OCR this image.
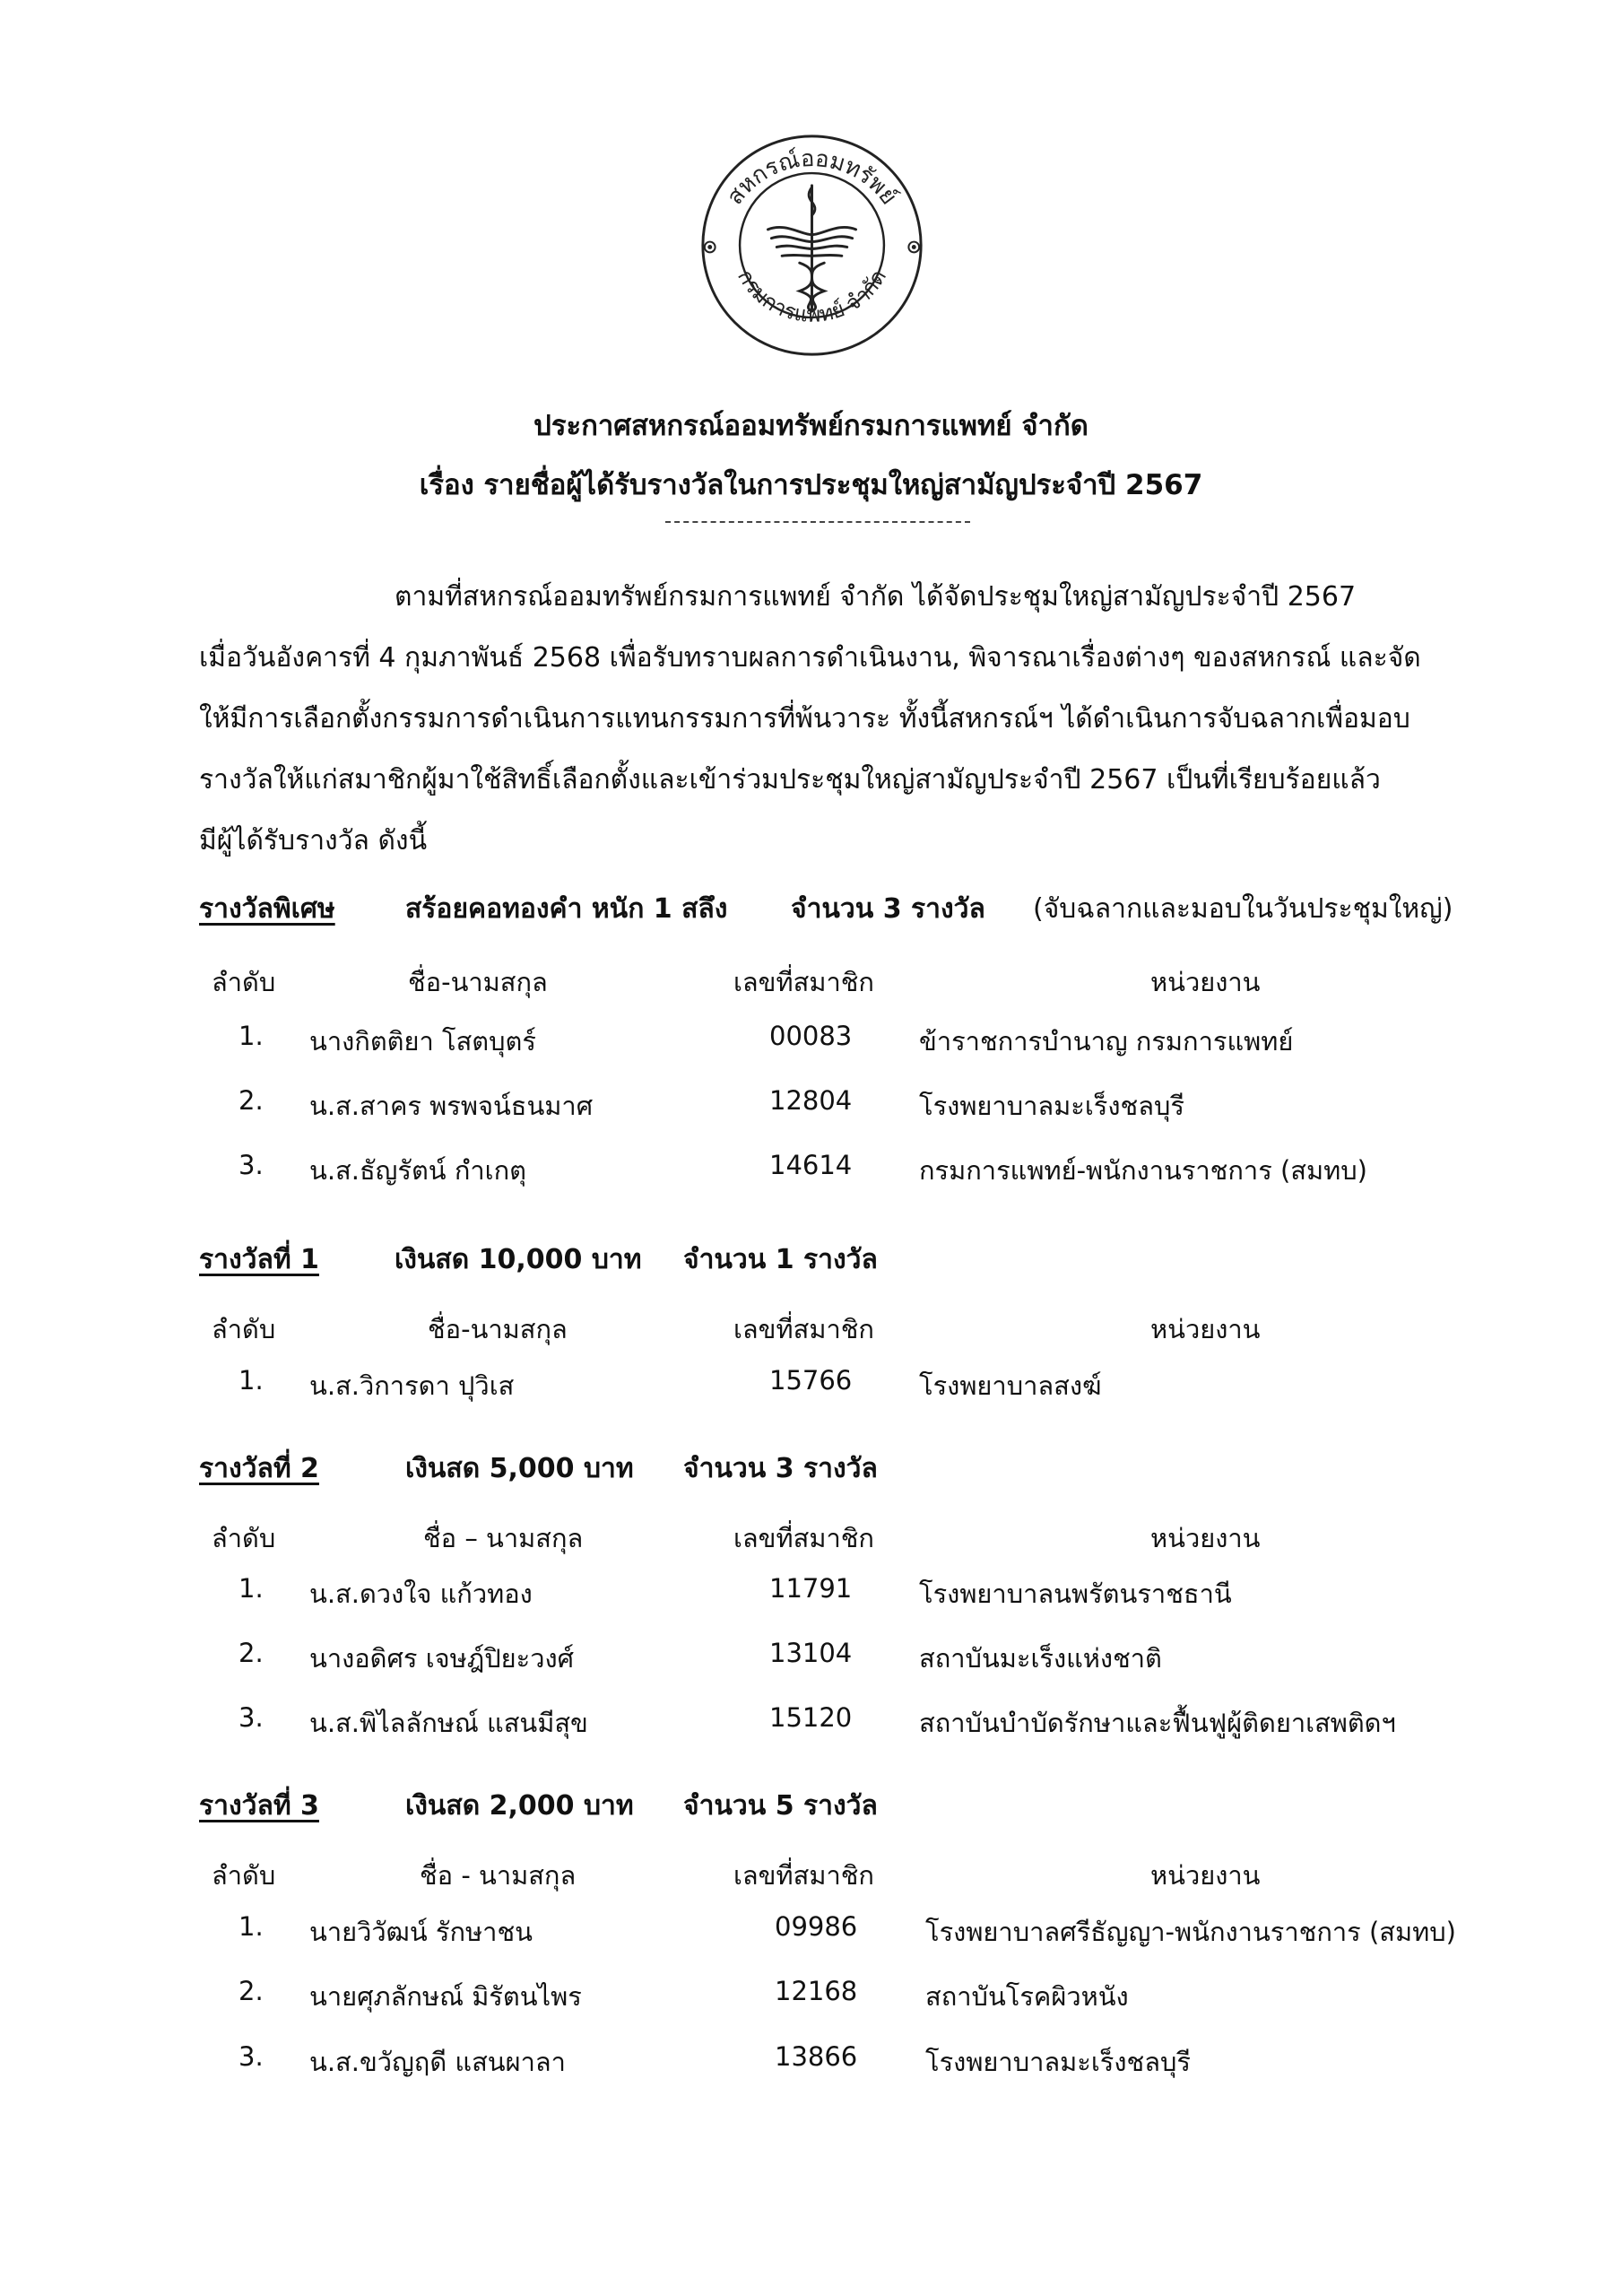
สหกรณ์ออมทรัพย์
กรมการแพทย์ จำกัด
ประกาศสหกรณ์ออมทรัพย์กรมการแพทย์ จำกัด
เรื่อง รายชื่อผู้ได้รับรางวัลในการประชุมใหญ่สามัญประจำปี 2567
ตามที่สหกรณ์ออมทรัพย์กรมการแพทย์ จำกัด ได้จัดประชุมใหญ่สามัญประจำปี 2567
เมื่อวันอังคารที่ 4 กุมภาพันธ์ 2568 เพื่อรับทราบผลการดำเนินงาน, พิจารณาเรื่องต่างๆ ของสหกรณ์ และจัด
ให้มีการเลือกตั้งกรรมการดำเนินการแทนกรรมการที่พ้นวาระ ทั้งนี้สหกรณ์ฯ ได้ดำเนินการจับฉลากเพื่อมอบ
รางวัลให้แก่สมาชิกผู้มาใช้สิทธิ์เลือกตั้งและเข้าร่วมประชุมใหญ่สามัญประจำปี 2567 เป็นที่เรียบร้อยแล้ว
มีผู้ได้รับรางวัล ดังนี้
รางวัลพิเศษ	สร้อยคอทองคำ หนัก 1 สลึง จำนวน 3 รางวัล (จับฉลากและมอบในวันประชุมใหญ่)
ลำดับ	ชื่อ-นามสกุล	เลขที่สมาชิก	หน่วยงาน
1. นางกิตติยา โสตบุตร์	00083	ข้าราชการบำนาญ กรมการแพทย์
2. น.ส.สาคร พรพจน์ธนมาศ	12804	โรงพยาบาลมะเร็งชลบุรี
3. น.ส.ธัญรัตน์ กำเกตุ	14614	กรมการแพทย์-พนักงานราชการ (สมทบ)
รางวัลที่ 1	เงินสด 10,000 บาท จำนวน 1 รางวัล
ลำดับ	ชื่อ-นามสกุล	เลขที่สมาชิก	หน่วยงาน
1. น.ส.วิการดา ปุวิเส	15766	โรงพยาบาลสงฆ์
รางวัลที่ 2	เงินสด 5,000 บาท จำนวน 3 รางวัล
ลำดับ	ชื่อ – นามสกุล	เลขที่สมาชิก	หน่วยงาน
1. น.ส.ดวงใจ แก้วทอง	11791	โรงพยาบาลนพรัตนราชธานี
2. นางอดิศร เจษฎ์ปิยะวงศ์	13104	สถาบันมะเร็งแห่งชาติ
3. น.ส.พิไลลักษณ์ แสนมีสุข	15120	สถาบันบำบัดรักษาและฟื้นฟูผู้ติดยาเสพติดฯ
รางวัลที่ 3	เงินสด 2,000 บาท จำนวน 5 รางวัล
ลำดับ	ชื่อ - นามสกุล	เลขที่สมาชิก	หน่วยงาน
1. นายวิวัฒน์ รักษาชน	09986	โรงพยาบาลศรีธัญญา-พนักงานราชการ (สมทบ)
2. นายศุภลักษณ์ มิรัตนไพร	12168	สถาบันโรคผิวหนัง
3. น.ส.ขวัญฤดี แสนผาลา	13866	โรงพยาบาลมะเร็งชลบุรี
